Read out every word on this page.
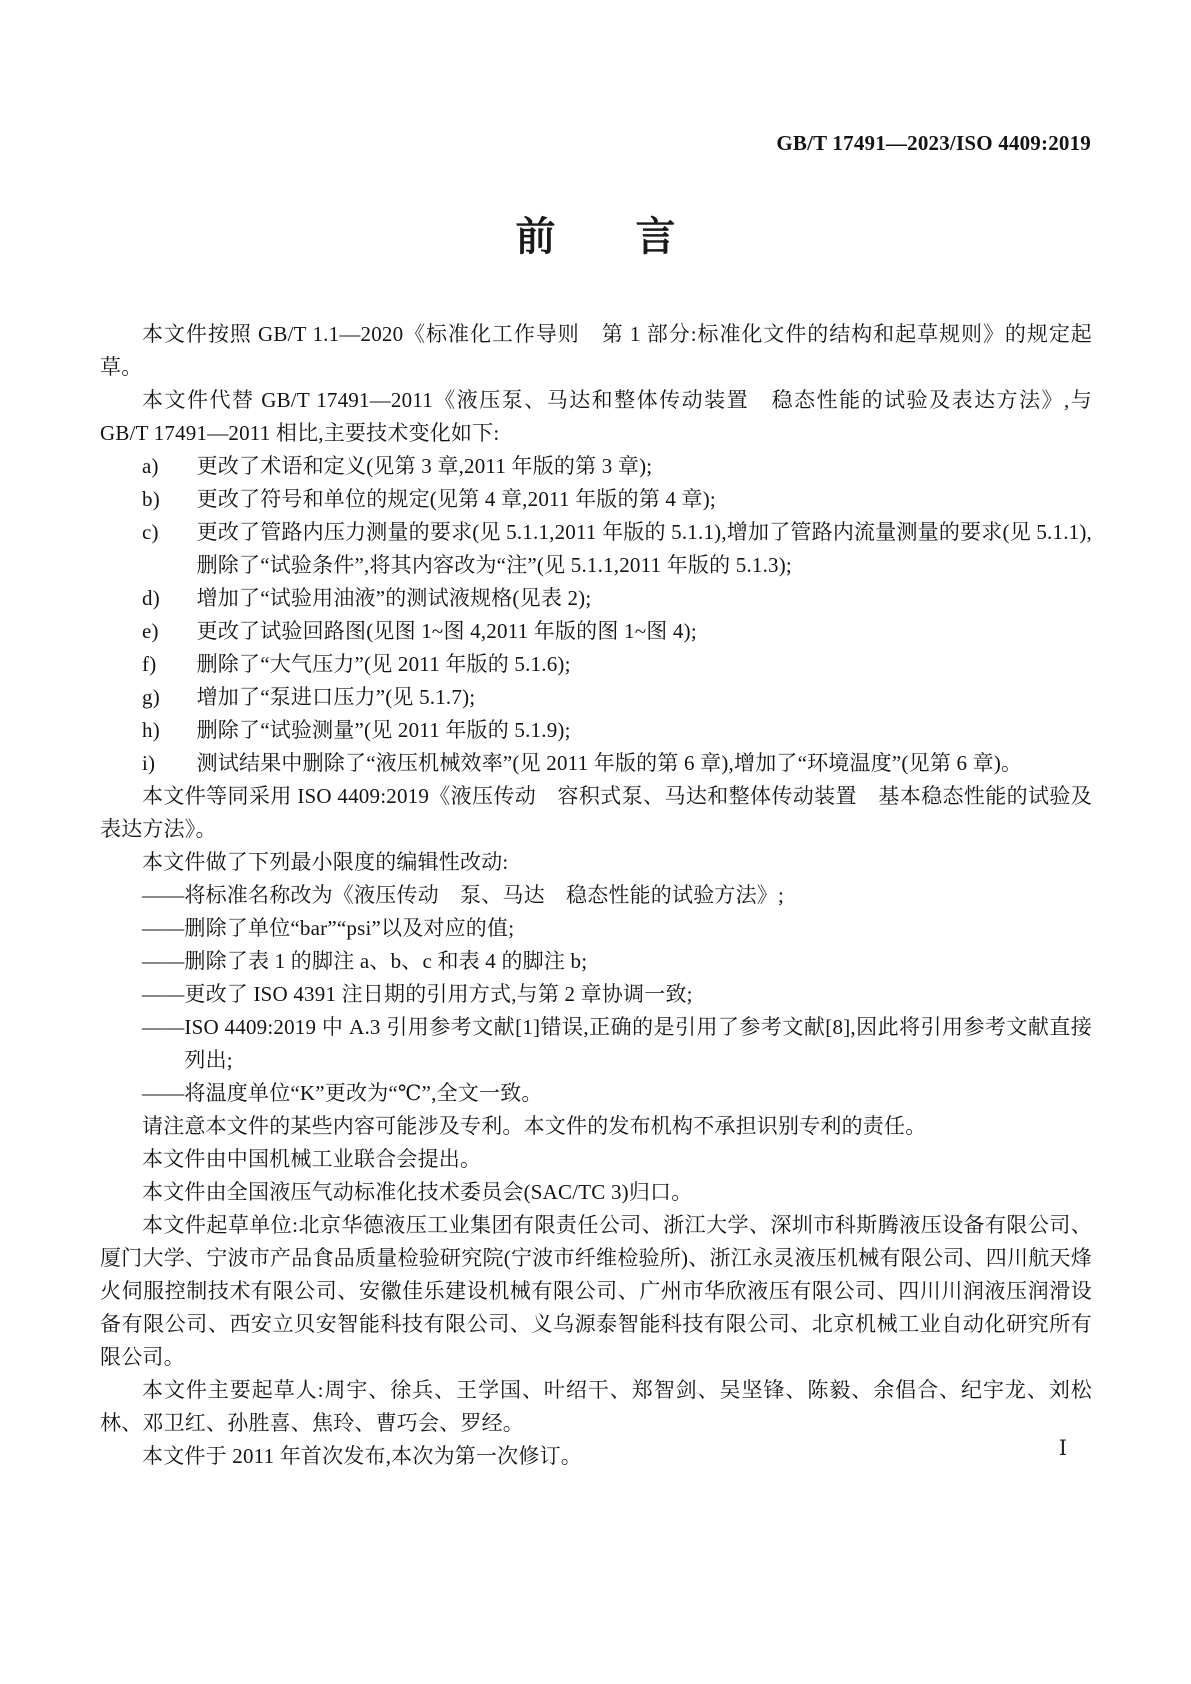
GB/T 17491—2023/ISO 4409:2019
前　　言
本文件按照 GB/T 1.1—2020《标准化工作导则　第 1 部分:标准化文件的结构和起草规则》的规定起草。
本文件代替 GB/T 17491—2011《液压泵、马达和整体传动装置　稳态性能的试验及表达方法》,与 GB/T 17491—2011 相比,主要技术变化如下:
a)	更改了术语和定义(见第 3 章,2011 年版的第 3 章);
b)	更改了符号和单位的规定(见第 4 章,2011 年版的第 4 章);
c)	更改了管路内压力测量的要求(见 5.1.1,2011 年版的 5.1.1),增加了管路内流量测量的要求(见 5.1.1),删除了“试验条件”,将其内容改为“注”(见 5.1.1,2011 年版的 5.1.3);
d)	增加了“试验用油液”的测试液规格(见表 2);
e)	更改了试验回路图(见图 1~图 4,2011 年版的图 1~图 4);
f)	删除了“大气压力”(见 2011 年版的 5.1.6);
g)	增加了“泵进口压力”(见 5.1.7);
h)	删除了“试验测量”(见 2011 年版的 5.1.9);
i)	测试结果中删除了“液压机械效率”(见 2011 年版的第 6 章),增加了“环境温度”(见第 6 章)。
本文件等同采用 ISO 4409:2019《液压传动　容积式泵、马达和整体传动装置　基本稳态性能的试验及表达方法》。
本文件做了下列最小限度的编辑性改动:
—— 将标准名称改为《液压传动　泵、马达　稳态性能的试验方法》;
—— 删除了单位“bar”“psi”以及对应的值;
—— 删除了表 1 的脚注 a、b、c 和表 4 的脚注 b;
—— 更改了 ISO 4391 注日期的引用方式,与第 2 章协调一致;
—— ISO 4409:2019 中 A.3 引用参考文献[1]错误,正确的是引用了参考文献[8],因此将引用参考文献直接列出;
—— 将温度单位“K”更改为“℃”,全文一致。
请注意本文件的某些内容可能涉及专利。本文件的发布机构不承担识别专利的责任。
本文件由中国机械工业联合会提出。
本文件由全国液压气动标准化技术委员会(SAC/TC 3)归口。
本文件起草单位:北京华德液压工业集团有限责任公司、浙江大学、深圳市科斯腾液压设备有限公司、厦门大学、宁波市产品食品质量检验研究院(宁波市纤维检验所)、浙江永灵液压机械有限公司、四川航天烽火伺服控制技术有限公司、安徽佳乐建设机械有限公司、广州市华欣液压有限公司、四川川润液压润滑设备有限公司、西安立贝安智能科技有限公司、义乌源泰智能科技有限公司、北京机械工业自动化研究所有限公司。
本文件主要起草人:周宇、徐兵、王学国、叶绍干、郑智剑、吴坚锋、陈毅、余倡合、纪宇龙、刘松林、邓卫红、孙胜喜、焦玲、曹巧会、罗经。
本文件于 2011 年首次发布,本次为第一次修订。	Ⅰ
